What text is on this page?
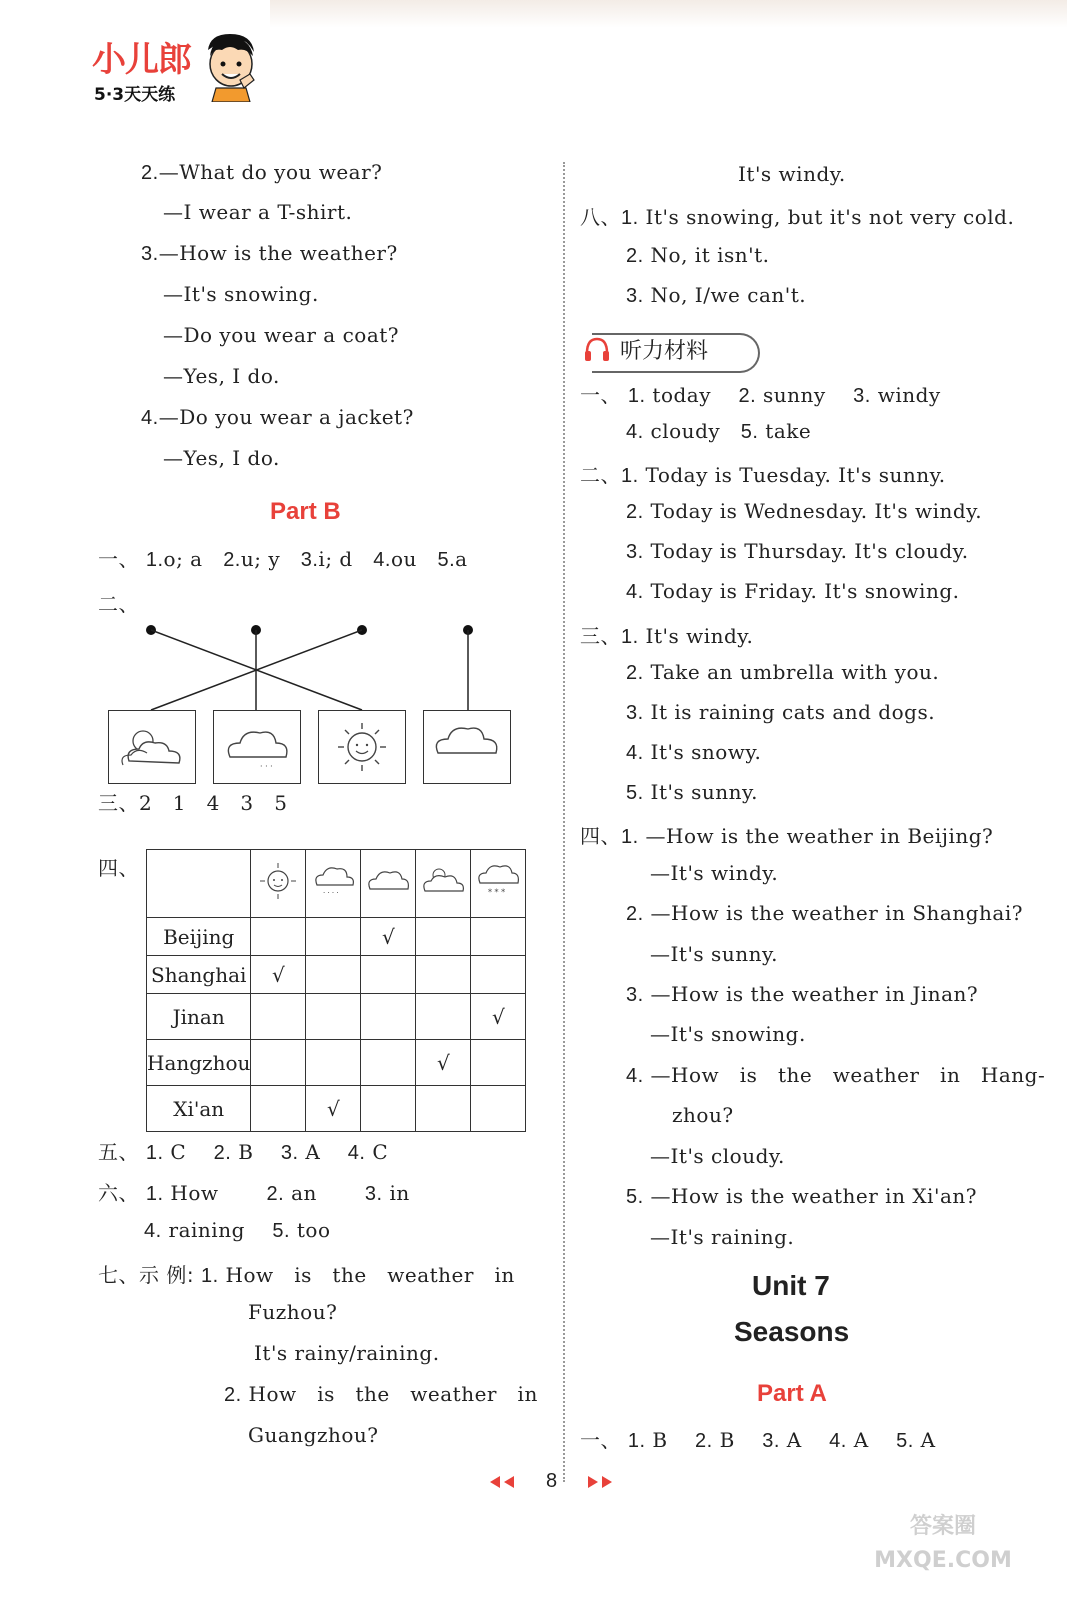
小儿郎
5·3天天练
2.—What do you wear?
—I wear a T-shirt.
3.—How is the weather?
—It's snowing.
—Do you wear a coat?
—Yes, I do.
4.—Do you wear a jacket?
—Yes, I do.
Part B
一、 1.o; a 2.u; y 3.i; d 4.ou 5.a
二、
· · ·
三、2   1   4   3   5
四、

· · · ·			* * *

Beijing			√		
Shanghai	√				
Jinan					√
Hangzhou				√	
Xi'an		√			
五、 1. C 2. B 3. A 4. C
六、 1. How 2. an 3. in
4. raining 5. too
七、示 例: 1. How   is   the   weather   in
Fuzhou?
It's rainy/raining.
2. How   is   the   weather   in
Guangzhou?
It's windy.
八、1. It's snowing, but it's not very cold.
2. No, it isn't.
3. No, I/we can't.
听力材料
一、 1. today 2. sunny 3. windy
4. cloudy 5. take
二、1. Today is Tuesday. It's sunny.
2. Today is Wednesday. It's windy.
3. Today is Thursday. It's cloudy.
4. Today is Friday. It's snowing.
三、1. It's windy.
2. Take an umbrella with you.
3. It is raining cats and dogs.
4. It's snowy.
5. It's sunny.
四、1. —How is the weather in Beijing?
—It's windy.
2. —How is the weather in Shanghai?
—It's sunny.
3. —How is the weather in Jinan?
—It's snowing.
4. —How   is   the   weather   in   Hang-
zhou?
—It's cloudy.
5. —How is the weather in Xi'an?
—It's raining.
Unit 7
Seasons
Part A
一、 1. B 2. B 3. A 4. A 5. A
8
答案圈 MXQE.COM
